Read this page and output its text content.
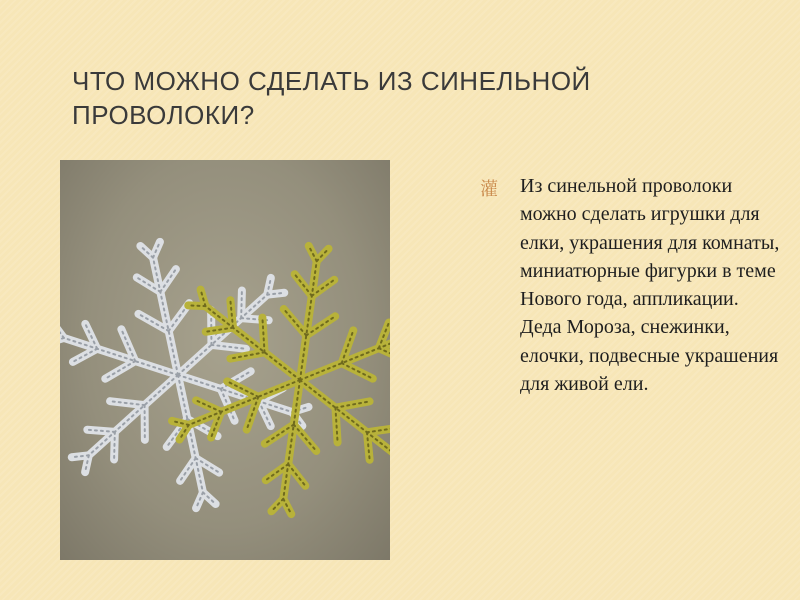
ЧТО МОЖНО СДЕЛАТЬ ИЗ СИНЕЛЬНОЙ ПРОВОЛОКИ?
灌 Из синельной проволоки можно сделать игрушки для елки, украшения для комнаты, миниатюрные фигурки в теме Нового года, аппликации. Деда Мороза, снежинки, елочки, подвесные украшения для живой ели.
